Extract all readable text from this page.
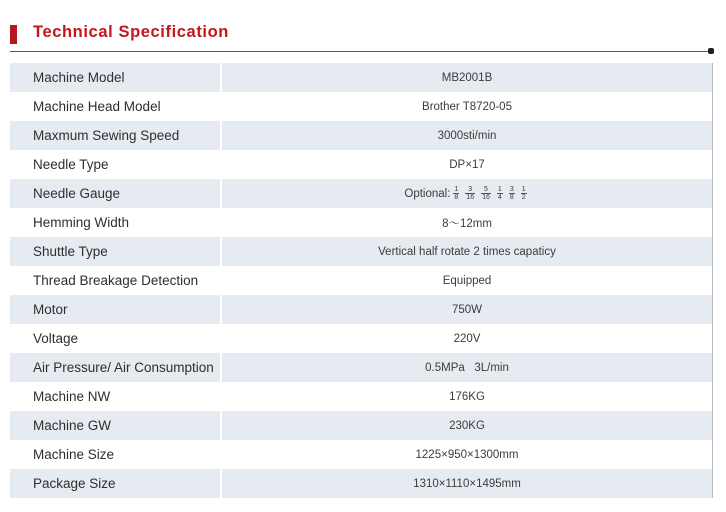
Technical Specification
Machine Model	MB2001B
Machine Head Model	Brother T8720-05
Maxmum Sewing Speed	3000sti/min
Needle Type	DP×17
Needle Gauge	Optional: $\frac{1}{8} \frac{3}{16} \frac{5}{16} \frac{1}{4} \frac{3}{8} \frac{1}{2}$
Hemming Width	8～12mm
Shuttle Type	Vertical half rotate 2 times capaticy
Thread Breakage Detection	Equipped
Motor	750W
Voltage	220V
Air Pressure/ Air Consumption	0.5MPa   3L/min
Machine NW	176KG
Machine GW	230KG
Machine Size	1225×950×1300mm
Package Size	1310×1110×1495mm
